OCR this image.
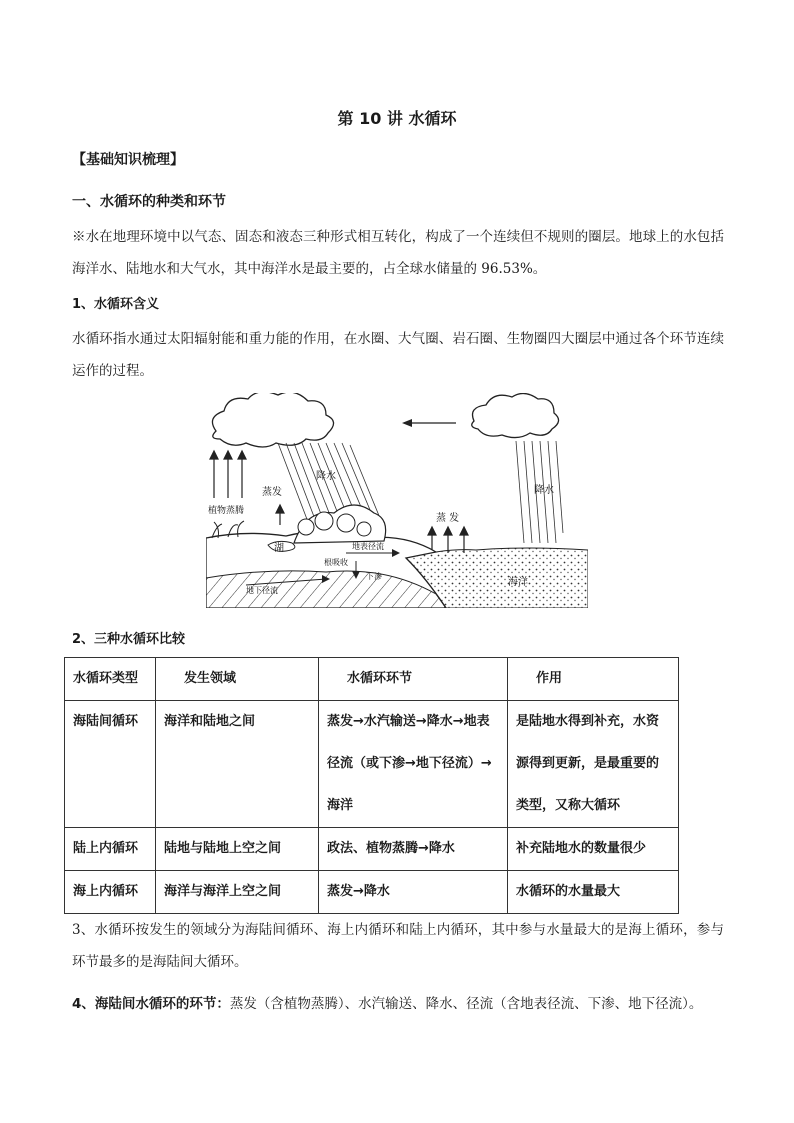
第 10 讲 水循环
【基础知识梳理】
一、水循环的种类和环节
※水在地理环境中以气态、固态和液态三种形式相互转化，构成了一个连续但不规则的圈层。地球上的水包括海洋水、陆地水和大气水，其中海洋水是最主要的，占全球水储量的 96.53%。
1、水循环含义
水循环指水通过太阳辐射能和重力能的作用，在水圈、大气圈、岩石圈、生物圈四大圈层中通过各个环节连续运作的过程。
蒸发
植物蒸腾
降水
湖	地表径流
根吸收
下渗
地下径流
蒸 发
降水
海洋
2、三种水循环比较
水循环类型	发生领域	水循环环节	作用
海陆间循环	海洋和陆地之间	蒸发→水汽输送→降水→地表径流（或下渗→地下径流）→海洋	是陆地水得到补充，水资源得到更新，是最重要的类型，又称大循环
陆上内循环	陆地与陆地上空之间	政法、植物蒸腾→降水	补充陆地水的数量很少
海上内循环	海洋与海洋上空之间	蒸发→降水	水循环的水量最大
3、水循环按发生的领域分为海陆间循环、海上内循环和陆上内循环，其中参与水量最大的是海上循环，参与环节最多的是海陆间大循环。
4、海陆间水循环的环节：蒸发（含植物蒸腾）、水汽输送、降水、径流（含地表径流、下渗、地下径流）。
